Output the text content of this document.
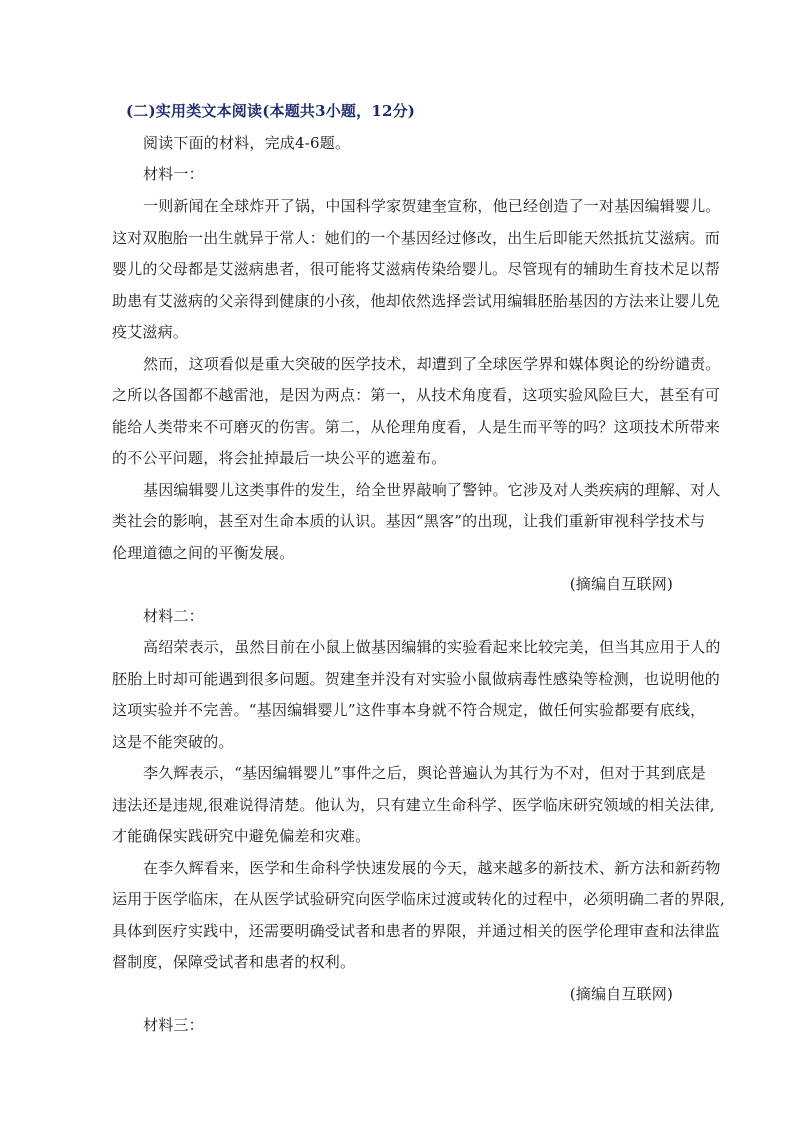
(二)实用类文本阅读(本题共3小题，12分)
阅读下面的材料，完成4-6题。
材料一：
一则新闻在全球炸开了锅，中国科学家贺建奎宣称，他已经创造了一对基因编辑婴儿。
这对双胞胎一出生就异于常人：她们的一个基因经过修改，出生后即能天然抵抗艾滋病。而
婴儿的父母都是艾滋病患者，很可能将艾滋病传染给婴儿。尽管现有的辅助生育技术足以帮
助患有艾滋病的父亲得到健康的小孩，他却依然选择尝试用编辑胚胎基因的方法来让婴儿免
疫艾滋病。
然而，这项看似是重大突破的医学技术，却遭到了全球医学界和媒体舆论的纷纷谴责。
之所以各国都不越雷池，是因为两点：第一，从技术角度看，这项实验风险巨大，甚至有可
能给人类带来不可磨灭的伤害。第二，从伦理角度看，人是生而平等的吗？这项技术所带来
的不公平问题，将会扯掉最后一块公平的遮羞布。
基因编辑婴儿这类事件的发生，给全世界敲响了警钟。它涉及对人类疾病的理解、对人
类社会的影响，甚至对生命本质的认识。基因“黑客”的出现，让我们重新审视科学技术与
伦理道德之间的平衡发展。
(摘编自互联网)
材料二：
高绍荣表示，虽然目前在小鼠上做基因编辑的实验看起来比较完美，但当其应用于人的
胚胎上时却可能遇到很多问题。贺建奎并没有对实验小鼠做病毒性感染等检测，也说明他的
这项实验并不完善。“基因编辑婴儿”这件事本身就不符合规定，做任何实验都要有底线，
这是不能突破的。
李久辉表示，“基因编辑婴儿”事件之后，舆论普遍认为其行为不对，但对于其到底是
违法还是违规,很难说得清楚。他认为，只有建立生命科学、医学临床研究领域的相关法律,
才能确保实践研究中避免偏差和灾难。
在李久辉看来，医学和生命科学快速发展的今天，越来越多的新技术、新方法和新药物
运用于医学临床，在从医学试验研究向医学临床过渡或转化的过程中，必须明确二者的界限,
具体到医疗实践中，还需要明确受试者和患者的界限，并通过相关的医学伦理审查和法律监
督制度，保障受试者和患者的权利。
(摘编自互联网)
材料三：
